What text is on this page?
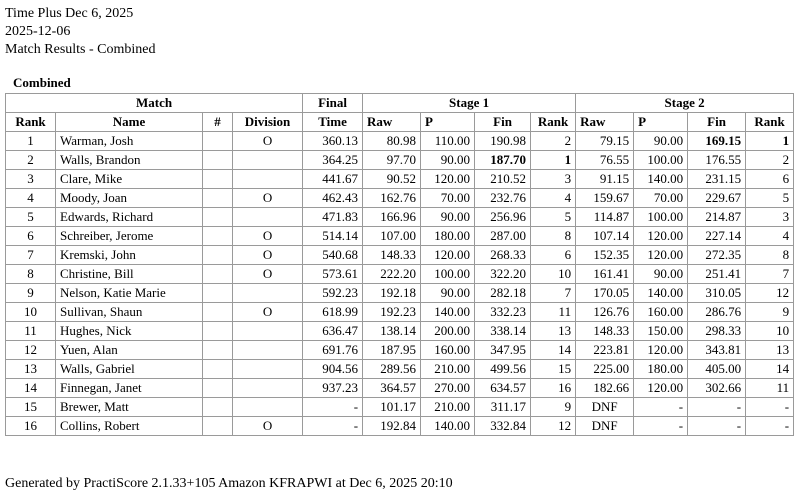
Time Plus Dec 6, 2025
2025-12-06
Match Results - Combined
Combined
Match				Final	Stage 1				Stage 2			
Rank	Name	#	Division	Time	Raw	P	Fin	Rank	Raw	P	Fin	Rank
1	Warman, Josh		O	360.13	80.98	110.00	190.98	2	79.15	90.00	169.15	1
2	Walls, Brandon			364.25	97.70	90.00	187.70	1	76.55	100.00	176.55	2
3	Clare, Mike			441.67	90.52	120.00	210.52	3	91.15	140.00	231.15	6
4	Moody, Joan		O	462.43	162.76	70.00	232.76	4	159.67	70.00	229.67	5
5	Edwards, Richard			471.83	166.96	90.00	256.96	5	114.87	100.00	214.87	3
6	Schreiber, Jerome		O	514.14	107.00	180.00	287.00	8	107.14	120.00	227.14	4
7	Kremski, John		O	540.68	148.33	120.00	268.33	6	152.35	120.00	272.35	8
8	Christine, Bill		O	573.61	222.20	100.00	322.20	10	161.41	90.00	251.41	7
9	Nelson, Katie Marie			592.23	192.18	90.00	282.18	7	170.05	140.00	310.05	12
10	Sullivan, Shaun		O	618.99	192.23	140.00	332.23	11	126.76	160.00	286.76	9
11	Hughes, Nick			636.47	138.14	200.00	338.14	13	148.33	150.00	298.33	10
12	Yuen, Alan			691.76	187.95	160.00	347.95	14	223.81	120.00	343.81	13
13	Walls, Gabriel			904.56	289.56	210.00	499.56	15	225.00	180.00	405.00	14
14	Finnegan, Janet			937.23	364.57	270.00	634.57	16	182.66	120.00	302.66	11
15	Brewer, Matt			-	101.17	210.00	311.17	9	DNF	-	-	-
16	Collins, Robert		O	-	192.84	140.00	332.84	12	DNF	-	-	-
Generated by PractiScore 2.1.33+105 Amazon KFRAPWI at Dec 6, 2025 20:10
